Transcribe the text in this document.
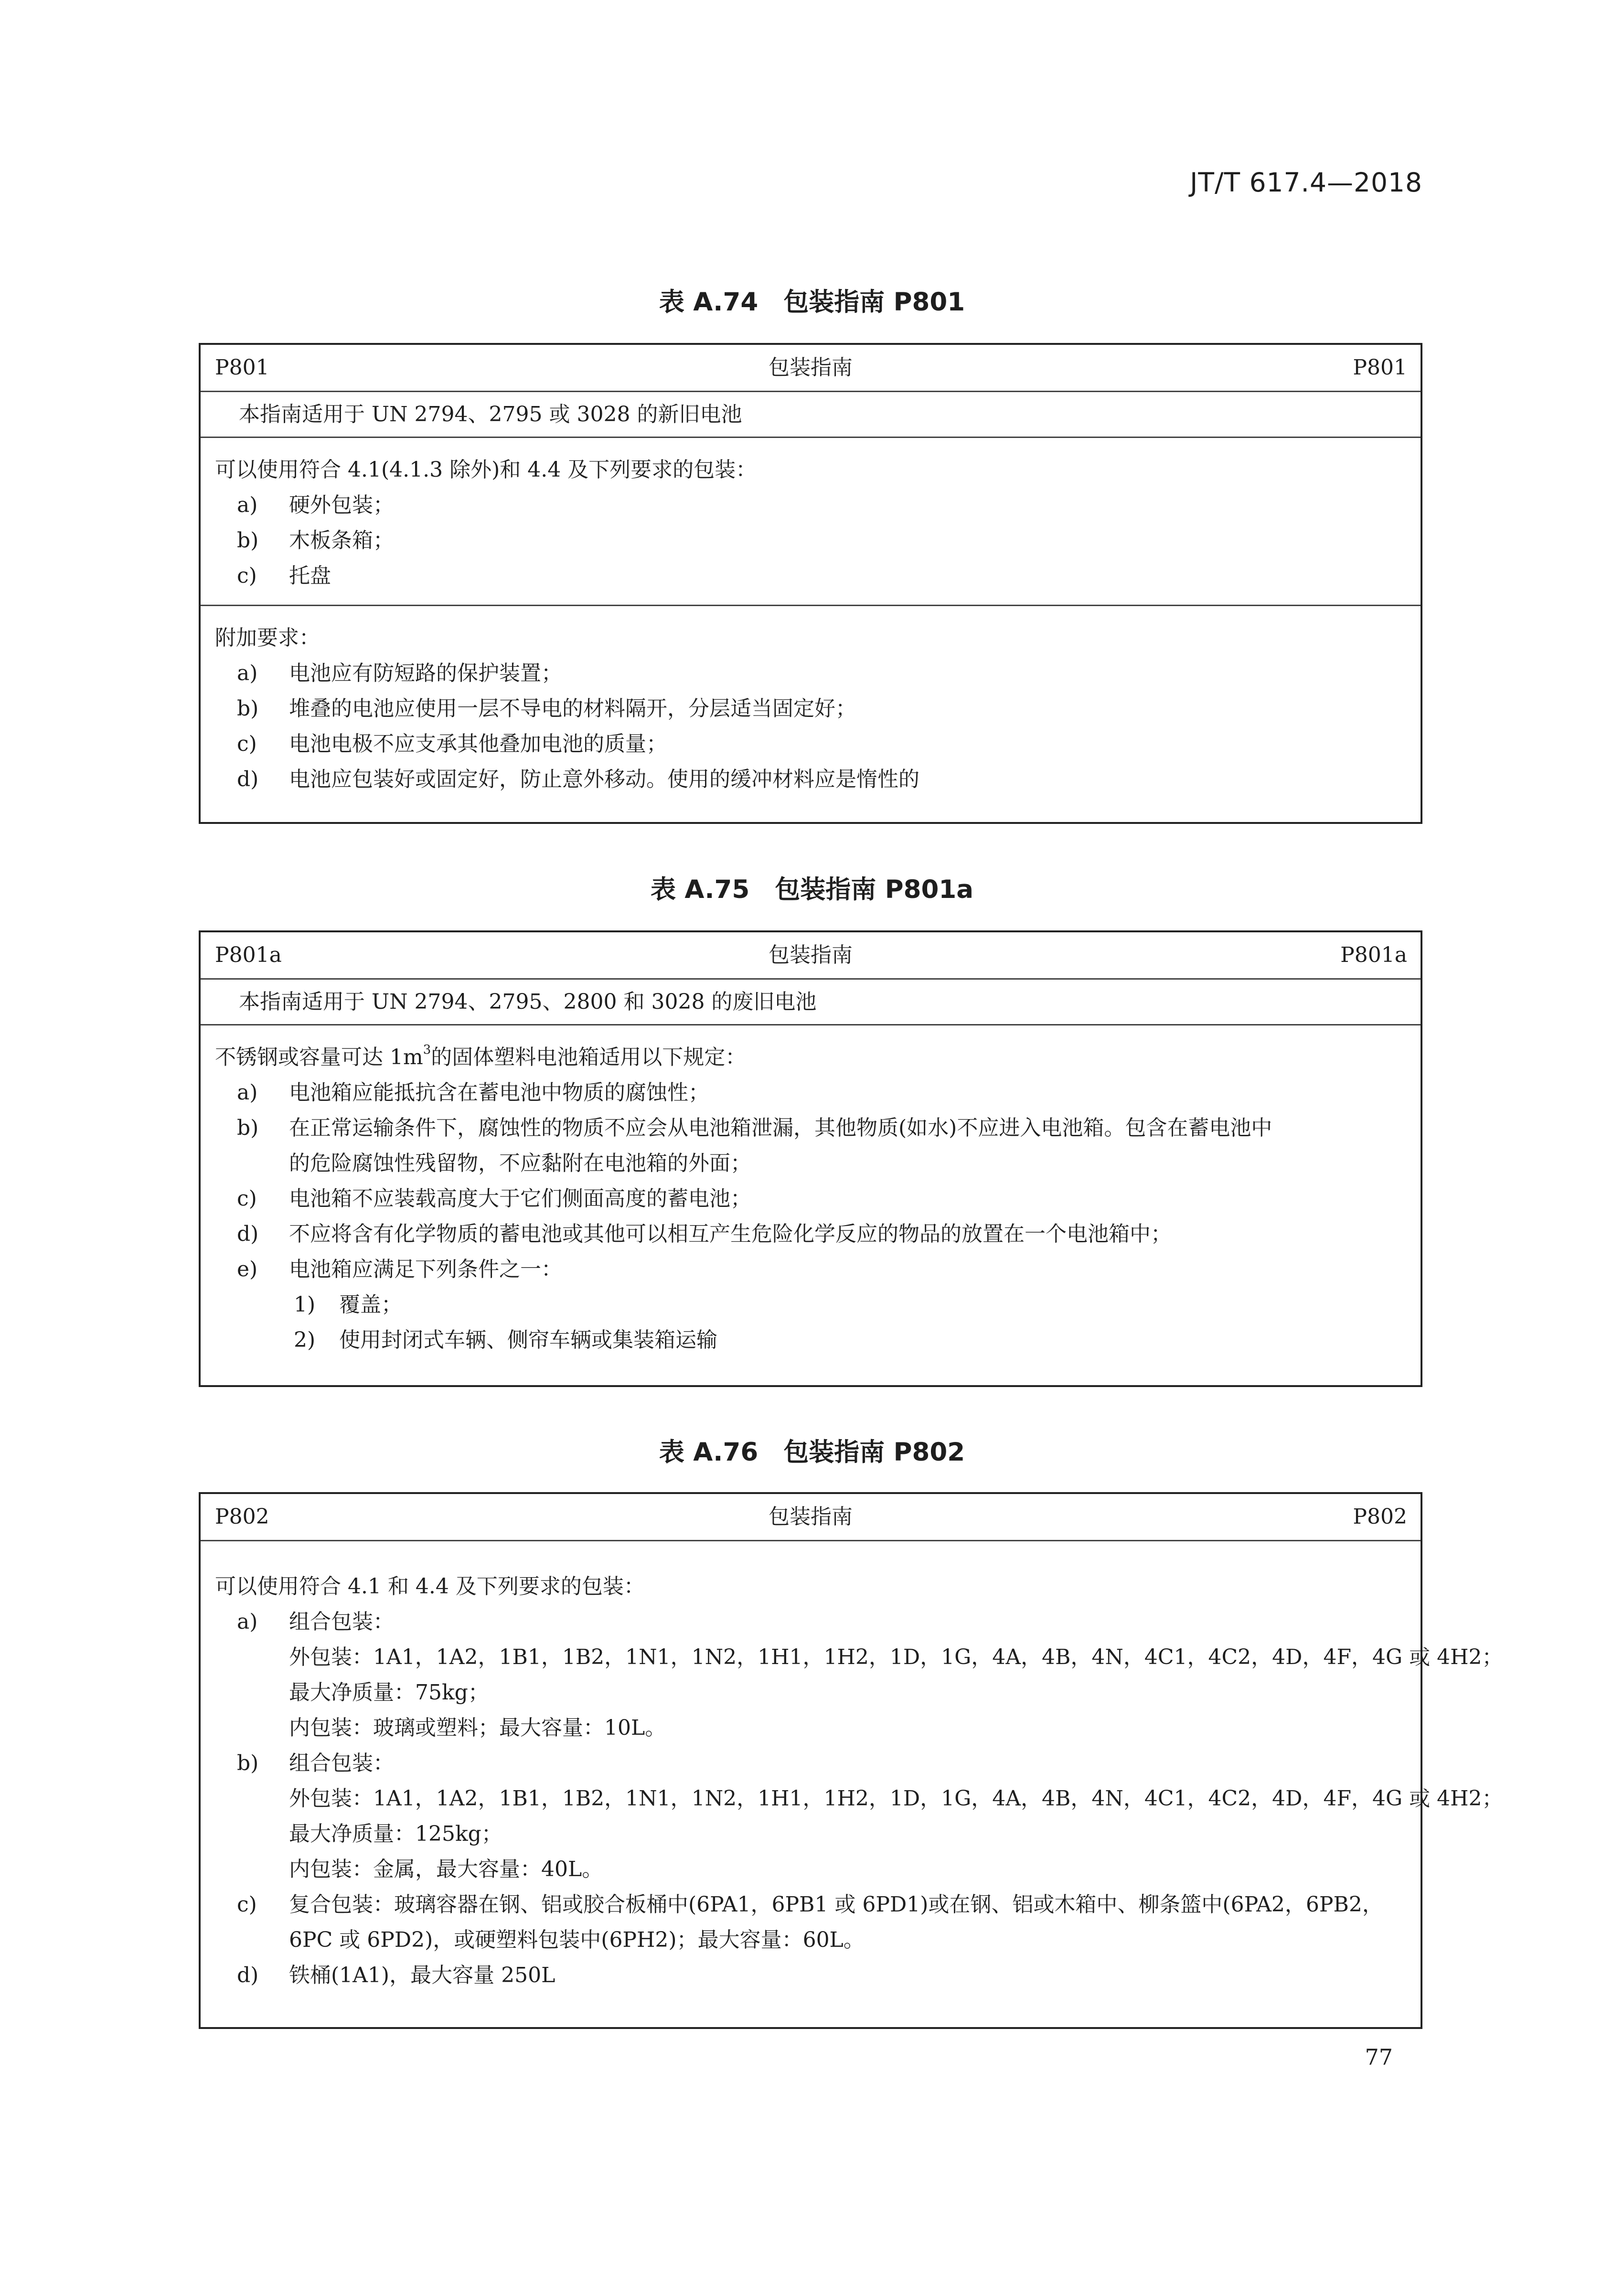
JT/T 617.4—2018
表 A.74　包装指南 P801
P801	包装指南	P801
本指南适用于 UN 2794、2795 或 3028 的新旧电池
可以使用符合 4.1(4.1.3 除外)和 4.4 及下列要求的包装：
a) 硬外包装；
b) 木板条箱；
c) 托盘
附加要求：
a) 电池应有防短路的保护装置；
b) 堆叠的电池应使用一层不导电的材料隔开，分层适当固定好；
c) 电池电极不应支承其他叠加电池的质量；
d) 电池应包装好或固定好，防止意外移动。使用的缓冲材料应是惰性的
表 A.75　包装指南 P801a
P801a	包装指南	P801a
本指南适用于 UN 2794、2795、2800 和 3028 的废旧电池
不锈钢或容量可达 $1m^3$的固体塑料电池箱适用以下规定：
a) 电池箱应能抵抗含在蓄电池中物质的腐蚀性；
b) 在正常运输条件下，腐蚀性的物质不应会从电池箱泄漏，其他物质(如水)不应进入电池箱。包含在蓄电池中
的危险腐蚀性残留物，不应黏附在电池箱的外面；
c) 电池箱不应装载高度大于它们侧面高度的蓄电池；
d) 不应将含有化学物质的蓄电池或其他可以相互产生危险化学反应的物品的放置在一个电池箱中；
e) 电池箱应满足下列条件之一：
1) 覆盖；
2) 使用封闭式车辆、侧帘车辆或集装箱运输
表 A.76　包装指南 P802
P802	包装指南	P802
可以使用符合 4.1 和 4.4 及下列要求的包装：
a) 组合包装：
外包装：1A1，1A2，1B1，1B2，1N1，1N2，1H1，1H2，1D，1G，4A，4B，4N，4C1，4C2，4D，4F，4G 或 4H2；
最大净质量：75kg；
内包装：玻璃或塑料；最大容量：10L。
b) 组合包装：
外包装：1A1，1A2，1B1，1B2，1N1，1N2，1H1，1H2，1D，1G，4A，4B，4N，4C1，4C2，4D，4F，4G 或 4H2；
最大净质量：125kg；
内包装：金属，最大容量：40L。
c) 复合包装：玻璃容器在钢、铝或胶合板桶中(6PA1，6PB1 或 6PD1)或在钢、铝或木箱中、柳条篮中(6PA2，6PB2，
6PC 或 6PD2)，或硬塑料包装中(6PH2)；最大容量：60L。
d) 铁桶(1A1)，最大容量 250L
77
